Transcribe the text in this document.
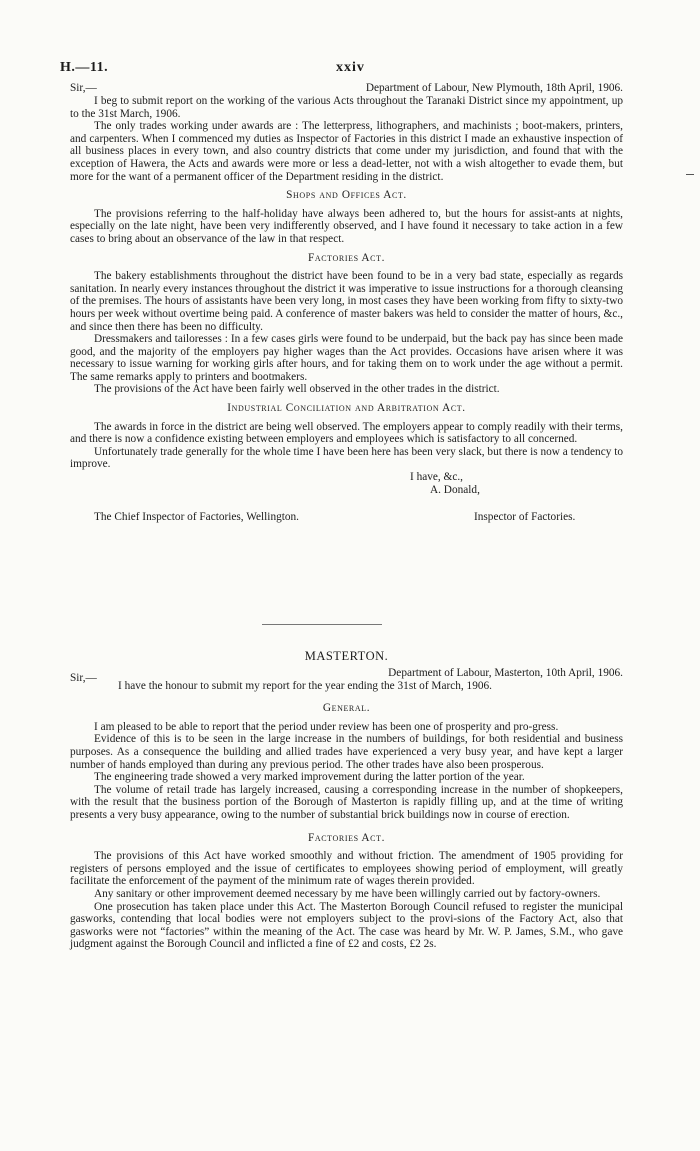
H.—11.	xxiv
Sir,—	Department of Labour, New Plymouth, 18th April, 1906.

I beg to submit report on the working of the various Acts throughout the Taranaki District since my appointment, up to the 31st March, 1906.

The only trades working under awards are : The letterpress, lithographers, and machinists ; boot-makers, printers, and carpenters. When I commenced my duties as Inspector of Factories in this district I made an exhaustive inspection of all business places in every town, and also country districts that come under my jurisdiction, and found that with the exception of Hawera, the Acts and awards were more or less a dead-letter, not with a wish altogether to evade them, but more for the want of a permanent officer of the Department residing in the district.

Shops and Offices Act.

The provisions referring to the half-holiday have always been adhered to, but the hours for assist-ants at nights, especially on the late night, have been very indifferently observed, and I have found it necessary to take action in a few cases to bring about an observance of the law in that respect.

Factories Act.

The bakery establishments throughout the district have been found to be in a very bad state, especially as regards sanitation. In nearly every instances throughout the district it was imperative to issue instructions for a thorough cleansing of the premises. The hours of assistants have been very long, in most cases they have been working from fifty to sixty-two hours per week without overtime being paid. A conference of master bakers was held to consider the matter of hours, &c., and since then there has been no difficulty.

Dressmakers and tailoresses : In a few cases girls were found to be underpaid, but the back pay has since been made good, and the majority of the employers pay higher wages than the Act provides. Occasions have arisen where it was necessary to issue warning for working girls after hours, and for taking them on to work under the age without a permit. The same remarks apply to printers and bootmakers.

The provisions of the Act have been fairly well observed in the other trades in the district.

Industrial Conciliation and Arbitration Act.

The awards in force in the district are being well observed. The employers appear to comply readily with their terms, and there is now a confidence existing between employers and employees which is satisfactory to all concerned.

Unfortunately trade generally for the whole time I have been here has been very slack, but there is now a tendency to improve.

I have, &c.,
A. Donald,
The Chief Inspector of Factories, Wellington.	Inspector of Factories.
MASTERTON.
Sir,—	Department of Labour, Masterton, 10th April, 1906.

I have the honour to submit my report for the year ending the 31st of March, 1906.

General.

I am pleased to be able to report that the period under review has been one of prosperity and pro-gress.

Evidence of this is to be seen in the large increase in the numbers of buildings, for both residential and business purposes. As a consequence the building and allied trades have experienced a very busy year, and have kept a larger number of hands employed than during any previous period. The other trades have also been prosperous.

The engineering trade showed a very marked improvement during the latter portion of the year.

The volume of retail trade has largely increased, causing a corresponding increase in the number of shopkeepers, with the result that the business portion of the Borough of Masterton is rapidly filling up, and at the time of writing presents a very busy appearance, owing to the number of substantial brick buildings now in course of erection.

Factories Act.

The provisions of this Act have worked smoothly and without friction. The amendment of 1905 providing for registers of persons employed and the issue of certificates to employees showing period of employment, will greatly facilitate the enforcement of the payment of the minimum rate of wages therein provided.

Any sanitary or other improvement deemed necessary by me have been willingly carried out by factory-owners.

One prosecution has taken place under this Act. The Masterton Borough Council refused to register the municipal gasworks, contending that local bodies were not employers subject to the provi-sions of the Factory Act, also that gasworks were not “factories” within the meaning of the Act. The case was heard by Mr. W. P. James, S.M., who gave judgment against the Borough Council and inflicted a fine of £2 and costs, £2 2s.
